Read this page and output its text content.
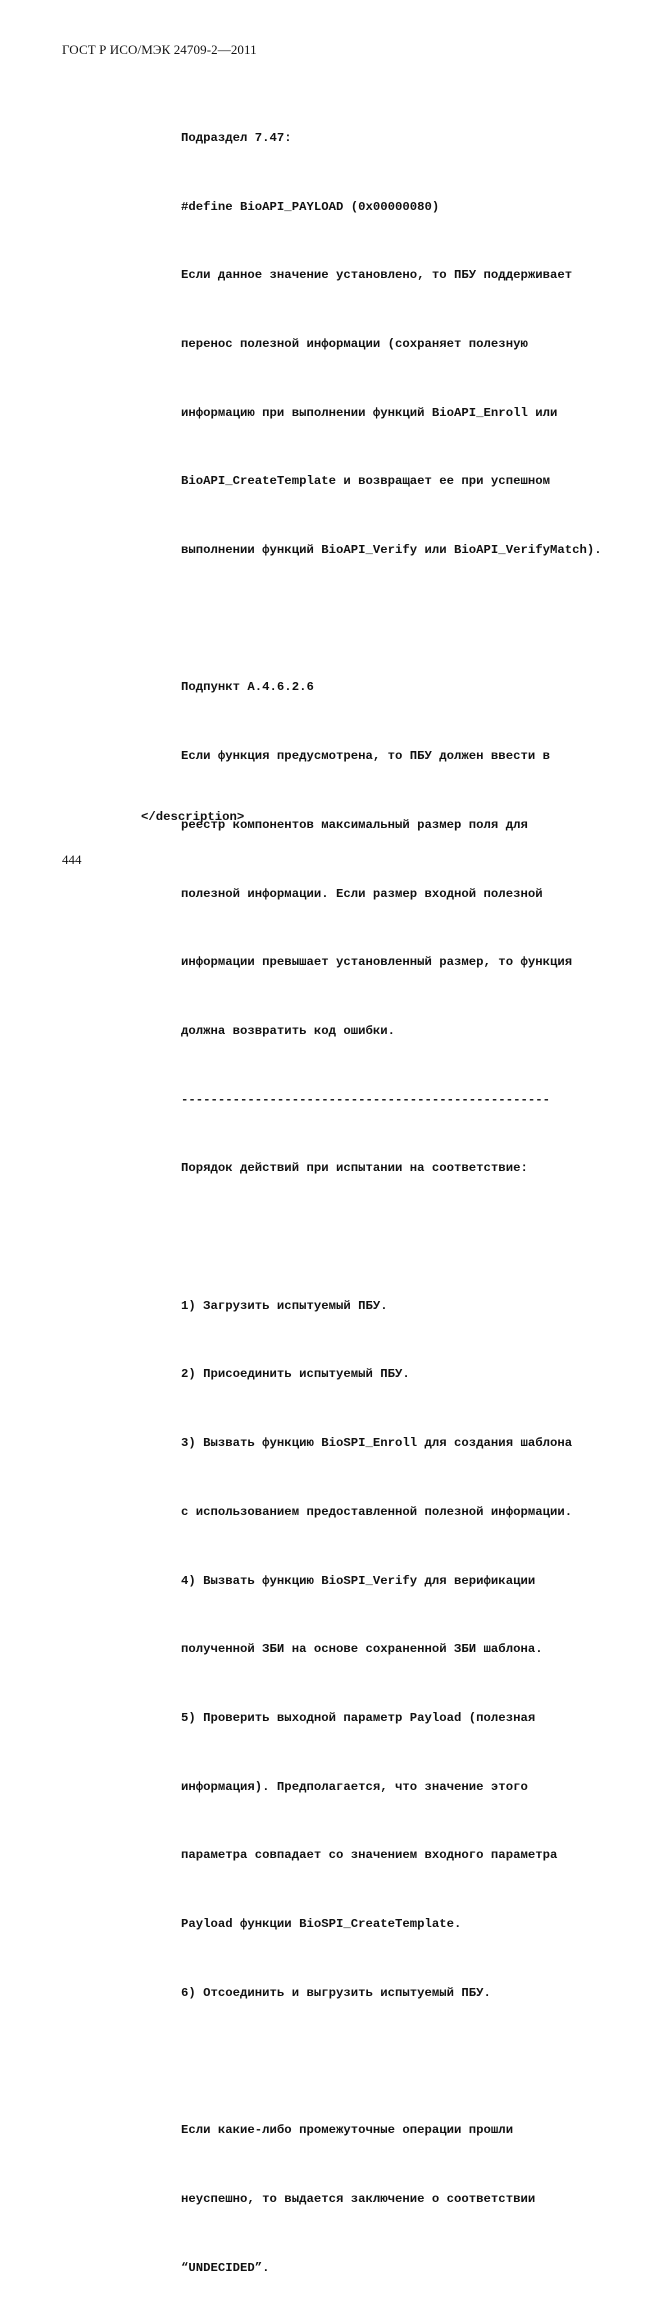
ГОСТ Р ИСО/МЭК 24709-2—2011

Подраздел 7.47:

#define BioAPI_PAYLOAD (0x00000080)

Если данное значение установлено, то ПБУ поддерживает

перенос полезной информации (сохраняет полезную

информацию при выполнении функций BioAPI_Enroll или

BioAPI_CreateTemplate и возвращает ее при успешном

выполнении функций BioAPI_Verify или BioAPI_VerifyMatch).

Подпункт А.4.6.2.6

Если функция предусмотрена, то ПБУ должен ввести в

реестр компонентов максимальный размер поля для

полезной информации. Если размер входной полезной

информации превышает установленный размер, то функция

должна возвратить код ошибки.

--------------------------------------------------

Порядок действий при испытании на соответствие:

1) Загрузить испытуемый ПБУ.

2) Присоединить испытуемый ПБУ.

3) Вызвать функцию BioSPI_Enroll для создания шаблона

с использованием предоставленной полезной информации.

4) Вызвать функцию BioSPI_Verify для верификации

полученной ЗБИ на основе сохраненной ЗБИ шаблона.

5) Проверить выходной параметр Payload (полезная

информация). Предполагается, что значение этого

параметра совпадает со значением входного параметра

Payload функции BioSPI_CreateTemplate.

6) Отсоединить и выгрузить испытуемый ПБУ.

Если какие-либо промежуточные операции прошли

неуспешно, то выдается заключение о соответствии

“UNDECIDED”.

</description>
444
